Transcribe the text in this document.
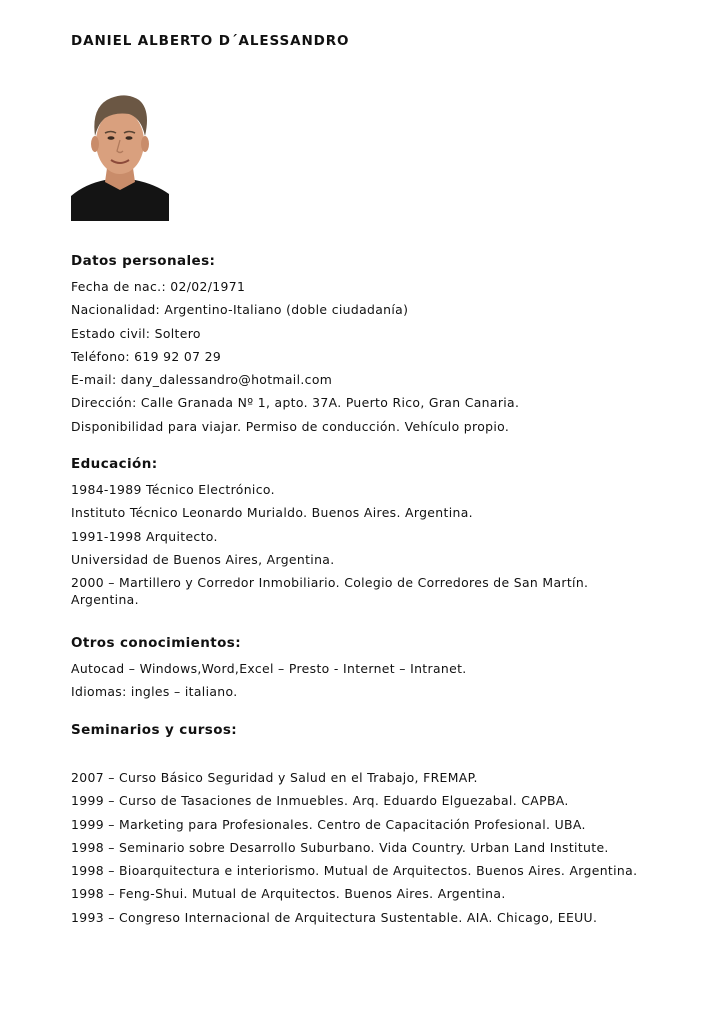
DANIEL ALBERTO D´ALESSANDRO
Datos personales:
Fecha de nac.: 02/02/1971
Nacionalidad: Argentino-Italiano (doble ciudadanía)
Estado civil: Soltero
Teléfono: 619 92 07 29
E-mail: dany_dalessandro@hotmail.com
Dirección: Calle Granada Nº 1, apto. 37A. Puerto Rico, Gran Canaria.
Disponibilidad para viajar. Permiso de conducción. Vehículo propio.
Educación:
1984-1989 Técnico Electrónico.
Instituto Técnico Leonardo Murialdo. Buenos Aires. Argentina.
1991-1998 Arquitecto.
Universidad de Buenos Aires, Argentina.
2000 – Martillero y Corredor Inmobiliario. Colegio de Corredores de San Martín. Argentina.
Otros conocimientos:
Autocad – Windows,Word,Excel – Presto - Internet – Intranet.
Idiomas: ingles – italiano.
Seminarios y cursos:
2007 – Curso Básico Seguridad y Salud en el Trabajo, FREMAP.
1999 – Curso de Tasaciones de Inmuebles. Arq. Eduardo Elguezabal. CAPBA.
1999 – Marketing para Profesionales. Centro de Capacitación Profesional. UBA.
1998 – Seminario sobre Desarrollo Suburbano. Vida Country. Urban Land Institute.
1998 – Bioarquitectura e interiorismo. Mutual de Arquitectos. Buenos Aires. Argentina.
1998 – Feng-Shui. Mutual de Arquitectos. Buenos Aires. Argentina.
1993 – Congreso Internacional de Arquitectura Sustentable. AIA. Chicago, EEUU.
